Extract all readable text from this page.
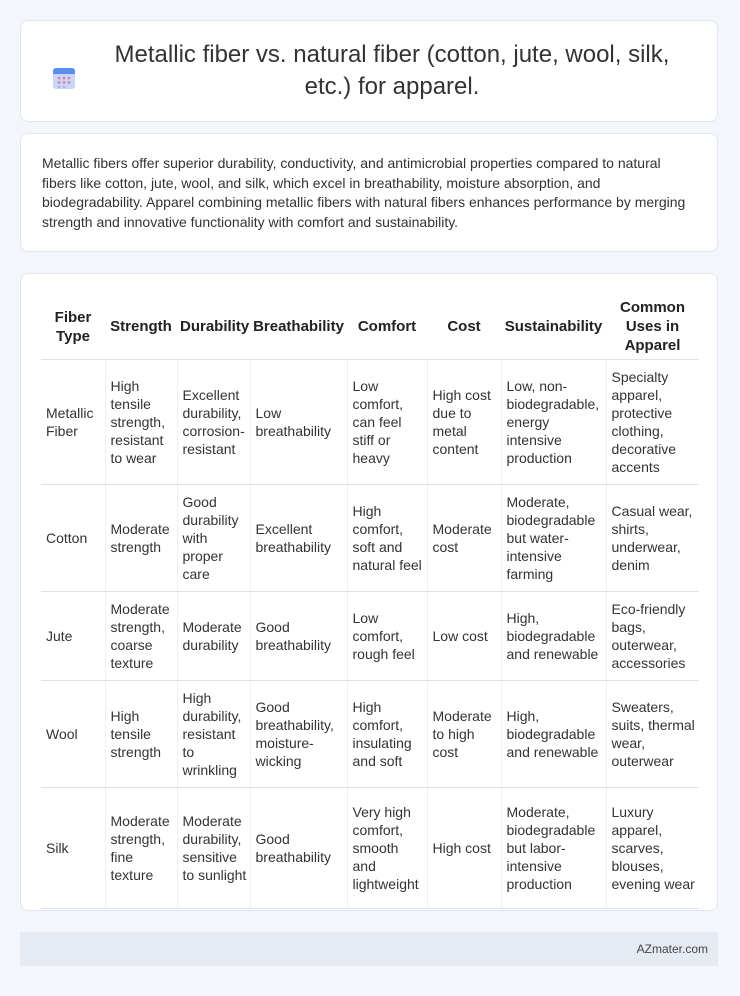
Metallic fiber vs. natural fiber (cotton, jute, wool, silk, etc.) for apparel.

Metallic fibers offer superior durability, conductivity, and antimicrobial properties compared to natural fibers like cotton, jute, wool, and silk, which excel in breathability, moisture absorption, and biodegradability. Apparel combining metallic fibers with natural fibers enhances performance by merging strength and innovative functionality with comfort and sustainability.

Fiber Type	Strength	Durability	Breathability	Comfort	Cost	Sustainability	Common Uses in Apparel
Metallic Fiber	High tensile strength, resistant to wear	Excellent durability, corrosion-resistant	Low breathability	Low comfort, can feel stiff or heavy	High cost due to metal content	Low, non-biodegradable, energy intensive production	Specialty apparel, protective clothing, decorative accents
Cotton	Moderate strength	Good durability with proper care	Excellent breathability	High comfort, soft and natural feel	Moderate cost	Moderate, biodegradable but water-intensive farming	Casual wear, shirts, underwear, denim
Jute	Moderate strength, coarse texture	Moderate durability	Good breathability	Low comfort, rough feel	Low cost	High, biodegradable and renewable	Eco-friendly bags, outerwear, accessories
Wool	High tensile strength	High durability, resistant to wrinkling	Good breathability, moisture-wicking	High comfort, insulating and soft	Moderate to high cost	High, biodegradable and renewable	Sweaters, suits, thermal wear, outerwear
Silk	Moderate strength, fine texture	Moderate durability, sensitive to sunlight	Good breathability	Very high comfort, smooth and lightweight	High cost	Moderate, biodegradable but labor-intensive production	Luxury apparel, scarves, blouses, evening wear
AZmater.com
